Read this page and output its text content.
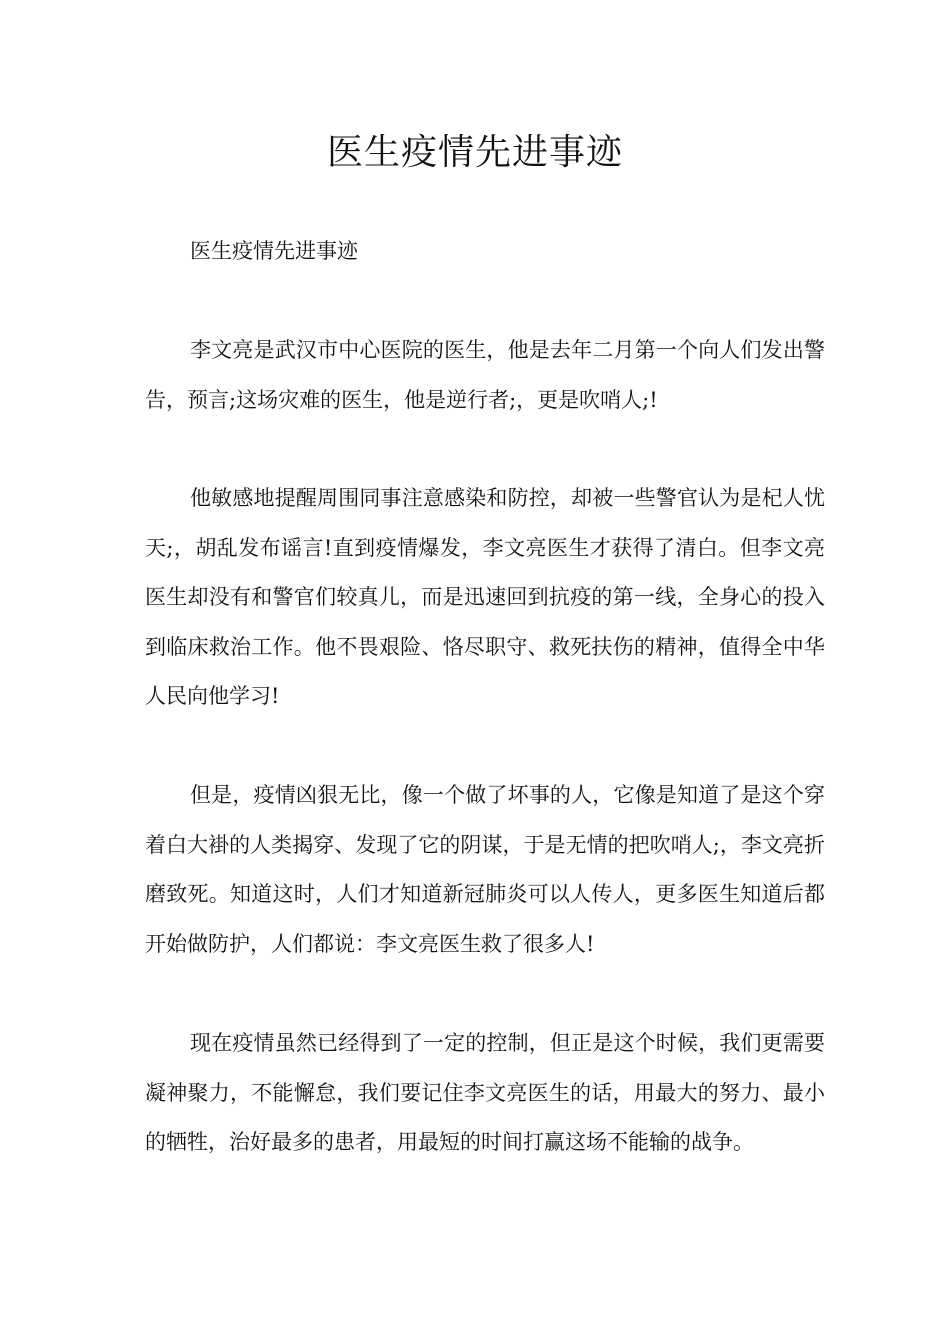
医生疫情先进事迹

医生疫情先进事迹

李文亮是武汉市中心医院的医生，他是去年二月第一个向人们发出警告，预言;这场灾难的医生，他是逆行者;，更是吹哨人;!

他敏感地提醒周围同事注意感染和防控，却被一些警官认为是杞人忧天;，胡乱发布谣言!直到疫情爆发，李文亮医生才获得了清白。但李文亮医生却没有和警官们较真儿，而是迅速回到抗疫的第一线，全身心的投入到临床救治工作。他不畏艰险、恪尽职守、救死扶伤的精神，值得全中华人民向他学习!

但是，疫情凶狠无比，像一个做了坏事的人，它像是知道了是这个穿着白大褂的人类揭穿、发现了它的阴谋，于是无情的把吹哨人;，李文亮折磨致死。知道这时，人们才知道新冠肺炎可以人传人，更多医生知道后都开始做防护，人们都说：李文亮医生救了很多人!

现在疫情虽然已经得到了一定的控制，但正是这个时候，我们更需要凝神聚力，不能懈怠，我们要记住李文亮医生的话，用最大的努力、最小的牺牲，治好最多的患者，用最短的时间打赢这场不能输的战争。
